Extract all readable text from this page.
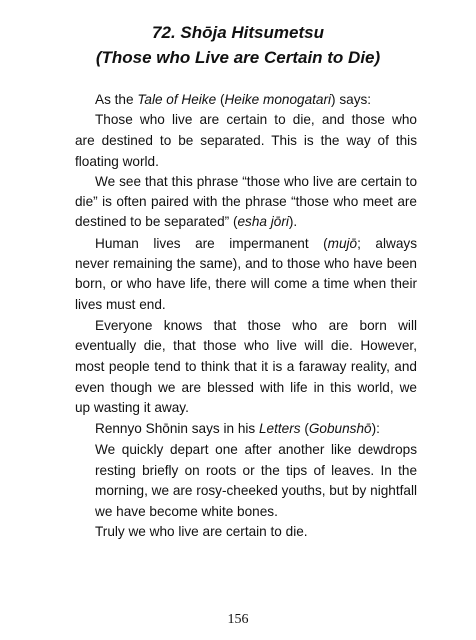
72. Shōja Hitsumetsu
(Those who Live are Certain to Die)
As the Tale of Heike (Heike monogatari) says:
Those who live are certain to die, and those who
are destined to be separated. This is the way of this
floating world.
We see that this phrase “those who live are certain to
die” is often paired with the phrase “those who meet are
destined to be separated” (esha jōri).
Human lives are impermanent (mujō; always
never remaining the same), and to those who have been
born, or who have life, there will come a time when their
lives must end.
Everyone knows that those who are born will
eventually die, that those who live will die. However,
most people tend to think that it is a faraway reality, and
even though we are blessed with life in this world, we
up wasting it away.
Rennyo Shōnin says in his Letters (Gobunshō):
We quickly depart one after another like dewdrops
resting briefly on roots or the tips of leaves. In the
morning, we are rosy-cheeked youths, but by nightfall
we have become white bones.
Truly we who live are certain to die.
156
